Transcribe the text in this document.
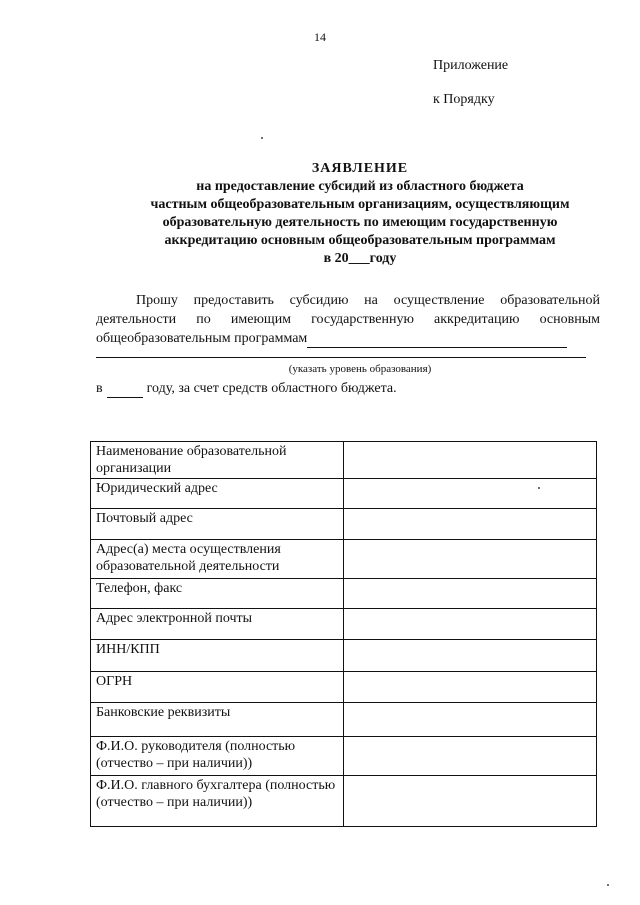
14
Приложение
к Порядку
ЗАЯВЛЕНИЕ
на предоставление субсидий из областного бюджета
частным общеобразовательным организациям, осуществляющим
образовательную деятельность по имеющим государственную
аккредитацию основным общеобразовательным программам
в 20___году
Прошу предоставить субсидию на осуществление образовательной деятельности по имеющим государственную аккредитацию основным
общеобразовательным программам
(указать уровень образования)
в	году, за счет средств областного бюджета.
Наименование образовательной организации	
Юридический адрес	
Почтовый адрес	
Адрес(а) места осуществления образовательной деятельности	
Телефон, факс	
Адрес электронной почты	
ИНН/КПП	
ОГРН	
Банковские реквизиты	
Ф.И.О. руководителя (полностью (отчество – при наличии))	
Ф.И.О. главного бухгалтера (полностью (отчество – при наличии))	
